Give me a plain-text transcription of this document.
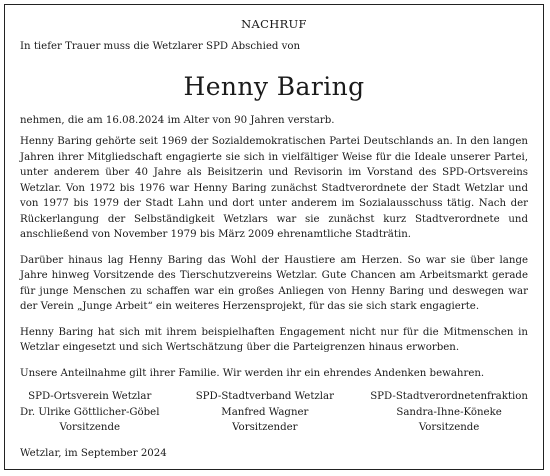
NACHRUF

In tiefer Trauer muss die Wetzlarer SPD Abschied von

Henny Baring

nehmen, die am 16.08.2024 im Alter von 90 Jahren verstarb.

Henny Baring gehörte seit 1969 der Sozialdemokratischen Partei Deutschlands an. In den langen Jahren ihrer Mitgliedschaft engagierte sie sich in vielfältiger Weise für die Ideale unserer Partei, unter anderem über 40 Jahre als Beisitzerin und Revisorin im Vorstand des SPD-Ortsvereins Wetzlar. Von 1972 bis 1976 war Henny Baring zunächst Stadtverordnete der Stadt Wetzlar und von 1977 bis 1979 der Stadt Lahn und dort unter anderem im Sozialausschuss tätig. Nach der Rückerlangung der Selbständigkeit Wetzlars war sie zunächst kurz Stadtverordnete und anschließend von November 1979 bis März 2009 ehrenamtliche Stadträtin.

Darüber hinaus lag Henny Baring das Wohl der Haustiere am Herzen. So war sie über lange Jahre hinweg Vorsitzende des Tierschutzvereins Wetzlar. Gute Chancen am Arbeitsmarkt gerade für junge Menschen zu schaffen war ein großes Anliegen von Henny Baring und deswegen war der Verein „Junge Arbeit“ ein weiteres Herzensprojekt, für das sie sich stark engagierte.

Henny Baring hat sich mit ihrem beispielhaften Engagement nicht nur für die Mitmenschen in Wetzlar eingesetzt und sich Wertschätzung über die Parteigrenzen hinaus erworben.

Unsere Anteilnahme gilt ihrer Familie. Wir werden ihr ein ehrendes Andenken bewahren.

SPD-Ortsverein Wetzlar
Dr. Ulrike Göttlicher-Göbel
Vorsitzende
SPD-Stadtverband Wetzlar
Manfred Wagner
Vorsitzender
SPD-Stadtverordnetenfraktion
Sandra-Ihne-Köneke
Vorsitzende

Wetzlar, im September 2024
